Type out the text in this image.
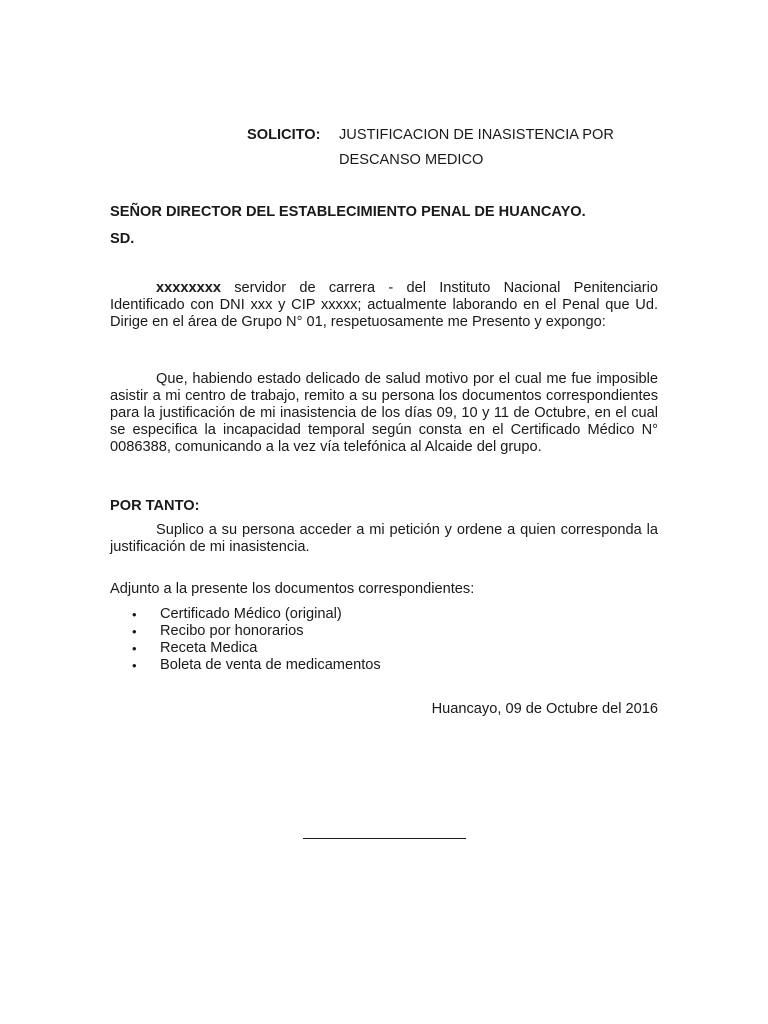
SOLICITO: JUSTIFICACION DE INASISTENCIA POR
DESCANSO MEDICO
SEÑOR DIRECTOR DEL ESTABLECIMIENTO PENAL DE HUANCAYO.
SD.
xxxxxxxx servidor de carrera - del Instituto Nacional Penitenciario Identificado con DNI xxx y CIP xxxxx; actualmente laborando en el Penal que Ud. Dirige en el área de Grupo N° 01, respetuosamente me Presento y expongo:
Que, habiendo estado delicado de salud motivo por el cual me fue imposible asistir a mi centro de trabajo, remito a su persona los documentos correspondientes para la justificación de mi inasistencia de los días 09, 10 y 11 de Octubre, en el cual se especifica la incapacidad temporal según consta en el Certificado Médico N° 0086388, comunicando a la vez vía telefónica al Alcaide del grupo.
POR TANTO:
Suplico a su persona acceder a mi petición y ordene a quien corresponda la justificación de mi inasistencia.
Adjunto a la presente los documentos correspondientes:
• Certificado Médico (original)
• Recibo por honorarios
• Receta Medica
• Boleta de venta de medicamentos
Huancayo, 09 de Octubre del 2016
